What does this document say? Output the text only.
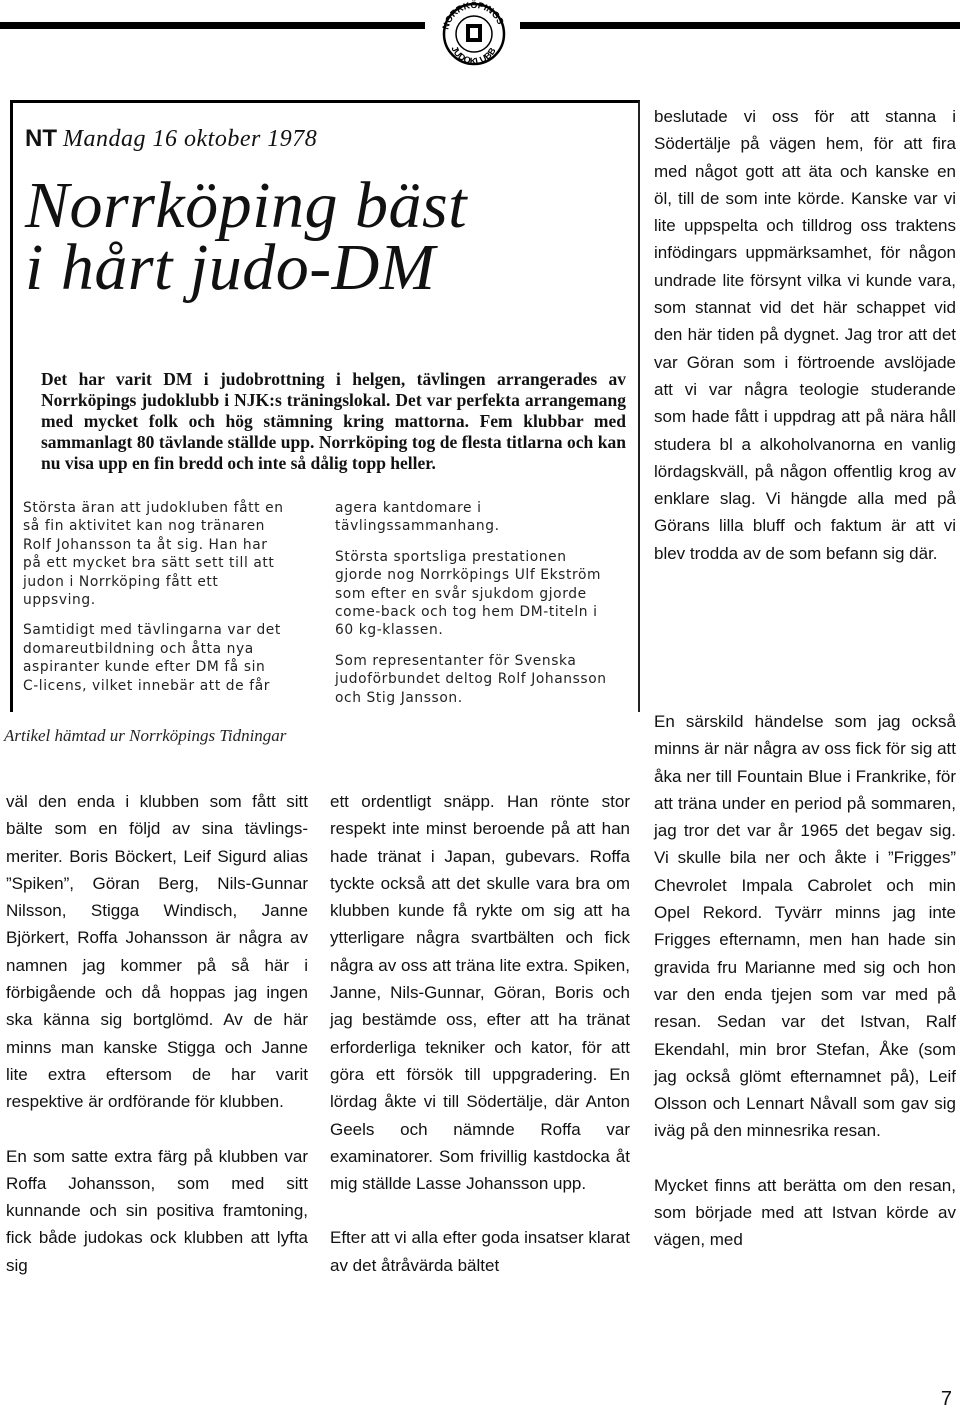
NORRKÖPINGS
JUDOKLUBB
NT Mandag 16 oktober 1978
Norrköping bäst
i hårt judo-DM
Det har varit DM i judobrottning i helgen, tävlingen arrangerades av Norrköpings judoklubb i NJK:s träningslokal. Det var perfekta arrangemang med mycket folk och hög stämning kring mattorna. Fem klubbar med sammanlagt 80 tävlande ställde upp. Norrköping tog de flesta titlarna och kan nu visa upp en fin bredd och inte så dålig topp heller.

Största äran att judokluben fått en så fin aktivitet kan nog tränaren Rolf Johansson ta åt sig. Han har på ett mycket bra sätt sett till att judon i Norrköping fått ett uppsving.

Samtidigt med tävlingarna var det domareutbildning och åtta nya aspiranter kunde efter DM få sin C-licens, vilket innebär att de får

agera kantdomare i tävlingssammanhang.

Största sportsliga prestationen gjorde nog Norrköpings Ulf Ekström som efter en svår sjukdom gjorde come-back och tog hem DM-titeln i 60 kg-klassen.

Som representanter för Svenska judoförbundet deltog Rolf Johansson och Stig Jansson.

Artikel hämtad ur Norrköpings Tidningar

väl den enda i klubben som fått sitt bälte som en följd av sina tävlings-meriter. Boris Böckert, Leif Sigurd alias ”Spiken”, Göran Berg, Nils-Gunnar Nilsson, Stigga Windisch, Janne Björkert, Roffa Johansson är några av namnen jag kommer på så här i förbigående och då hoppas jag ingen ska känna sig bortglömd. Av de här minns man kanske Stigga och Janne lite extra eftersom de har varit respektive är ordförande för klubben.

En som satte extra färg på klubben var Roffa Johansson, som med sitt kunnande och sin positiva framtoning, fick både judokas ock klubben att lyfta sig

ett ordentligt snäpp. Han rönte stor respekt inte minst beroende på att han hade tränat i Japan, gubevars. Roffa tyckte också att det skulle vara bra om klubben kunde få rykte om sig att ha ytterligare några svartbälten och fick några av oss att träna lite extra. Spiken, Janne, Nils-Gunnar, Göran, Boris och jag bestämde oss, efter att ha tränat erforderliga tekniker och kator, för att göra ett försök till uppgradering. En lördag åkte vi till Södertälje, där Anton Geels och nämnde Roffa var examinatorer. Som frivillig kastdocka åt mig ställde Lasse Johansson upp.

Efter att vi alla efter goda insatser klarat av det åtråvärda bältet

beslutade vi oss för att stanna i Södertälje på vägen hem, för att fira med något gott att äta och kanske en öl, till de som inte körde. Kanske var vi lite uppspelta och tilldrog oss traktens infödingars uppmärksamhet, för någon undrade lite försynt vilka vi kunde vara, som stannat vid det här schappet vid den här tiden på dygnet. Jag tror att det var Göran som i förtroende avslöjade att vi var några teologie studerande som hade fått i uppdrag att på nära håll studera bl a alkoholvanorna en vanlig lördagskväll, på någon offentlig krog av enklare slag. Vi hängde alla med på Görans lilla bluff och faktum är att vi blev trodda av de som befann sig där.

En särskild händelse som jag också minns är när några av oss fick för sig att åka ner till Fountain Blue i Frankrike, för att träna under en period på sommaren, jag tror det var år 1965 det begav sig. Vi skulle bila ner och åkte i ”Frigges” Chevrolet Impala Cabrolet och min Opel Rekord. Tyvärr minns jag inte Frigges efternamn, men han hade sin gravida fru Marianne med sig och hon var den enda tjejen som var med på resan. Sedan var det Istvan, Ralf Ekendahl, min bror Stefan, Åke (som jag också glömt efternamnet på), Leif Olsson och Lennart Nåvall som gav sig iväg på den minnesrika resan.

Mycket finns att berätta om den resan, som började med att Istvan körde av vägen, med

7
